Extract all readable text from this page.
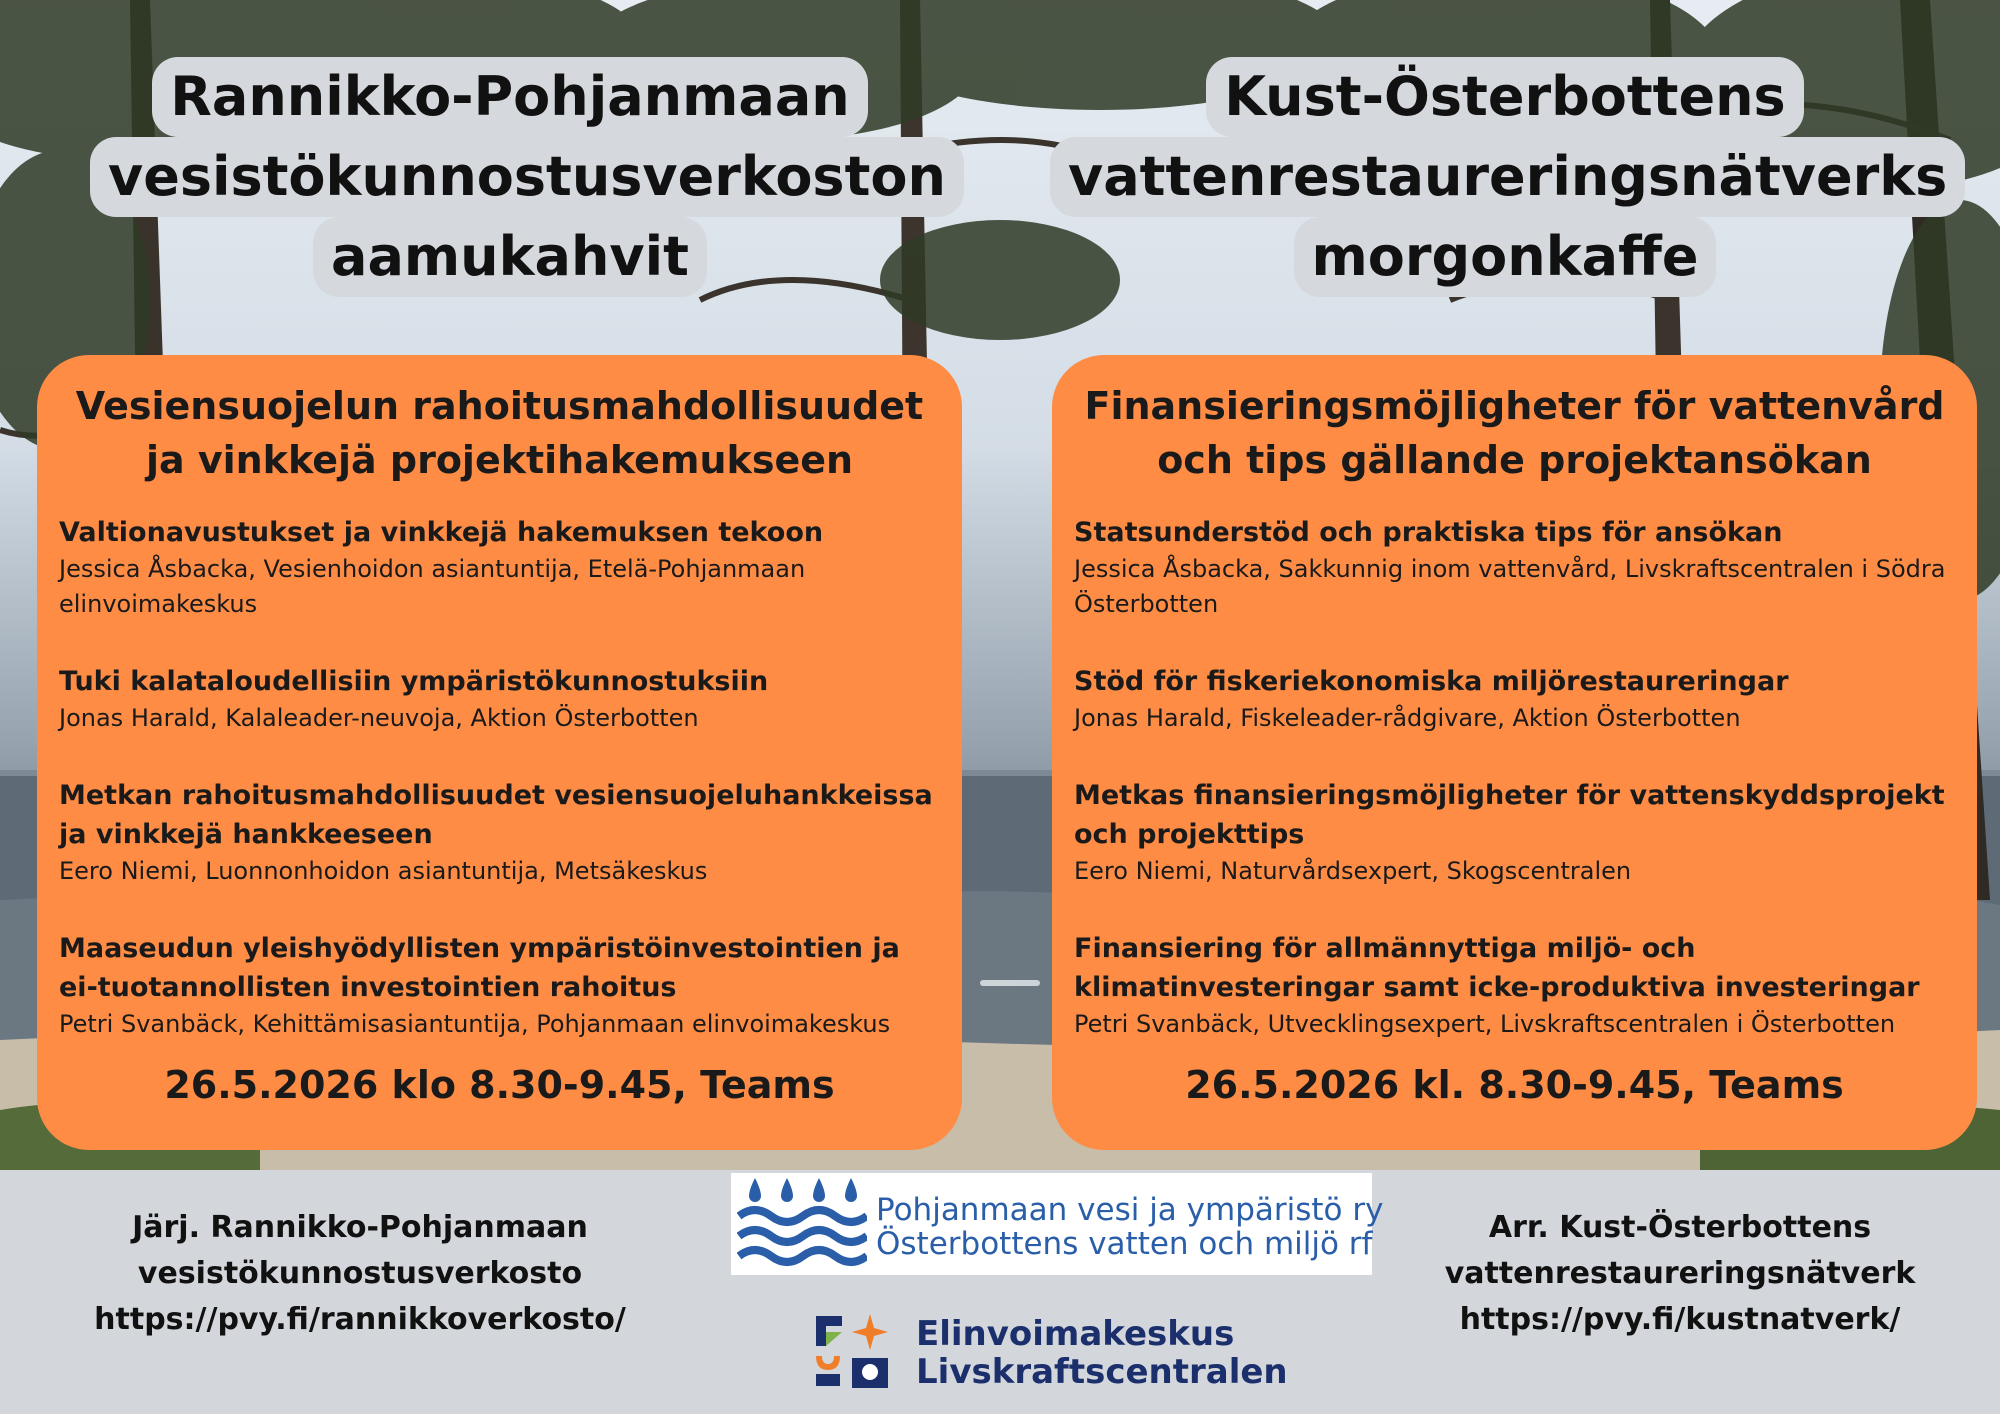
Rannikko-Pohjanmaan
vesistökunnostusverkoston
aamukahvit
Kust-Österbottens
vattenrestaureringsnätverks
morgonkaffe
Vesiensuojelun rahoitusmahdollisuudet
ja vinkkejä projektihakemukseen
Valtionavustukset ja vinkkejä hakemuksen tekoon
Jessica Åsbacka, Vesienhoidon asiantuntija, Etelä-Pohjanmaan elinvoimakeskus
Tuki kalataloudellisiin ympäristökunnostuksiin
Jonas Harald, Kalaleader-neuvoja, Aktion Österbotten
Metkan rahoitusmahdollisuudet vesiensuojeluhankkeissa ja vinkkejä hankkeeseen
Eero Niemi, Luonnonhoidon asiantuntija, Metsäkeskus
Maaseudun yleishyödyllisten ympäristöinvestointien ja ei-tuotannollisten investointien rahoitus
Petri Svanbäck, Kehittämisasiantuntija, Pohjanmaan elinvoimakeskus
26.5.2026 klo 8.30-9.45, Teams
Finansieringsmöjligheter för vattenvård
och tips gällande projektansökan
Statsunderstöd och praktiska tips för ansökan
Jessica Åsbacka, Sakkunnig inom vattenvård, Livskraftscentralen i Södra Österbotten
Stöd för fiskeriekonomiska miljörestaureringar
Jonas Harald, Fiskeleader-rådgivare, Aktion Österbotten
Metkas finansieringsmöjligheter för vattenskyddsprojekt och projekttips
Eero Niemi, Naturvårdsexpert, Skogscentralen
Finansiering för allmännyttiga miljö- och klimatinvesteringar samt icke-produktiva investeringar
Petri Svanbäck, Utvecklingsexpert, Livskraftscentralen i Österbotten
26.5.2026 kl. 8.30-9.45, Teams
Järj. Rannikko-Pohjanmaan
vesistökunnostusverkosto
https://pvy.fi/rannikkoverkosto/
Arr. Kust-Österbottens
vattenrestaureringsnätverk
https://pvy.fi/kustnatverk/
Pohjanmaan vesi ja ympäristö ry
Österbottens vatten och miljö rf
Elinvoimakeskus
Livskraftscentralen
